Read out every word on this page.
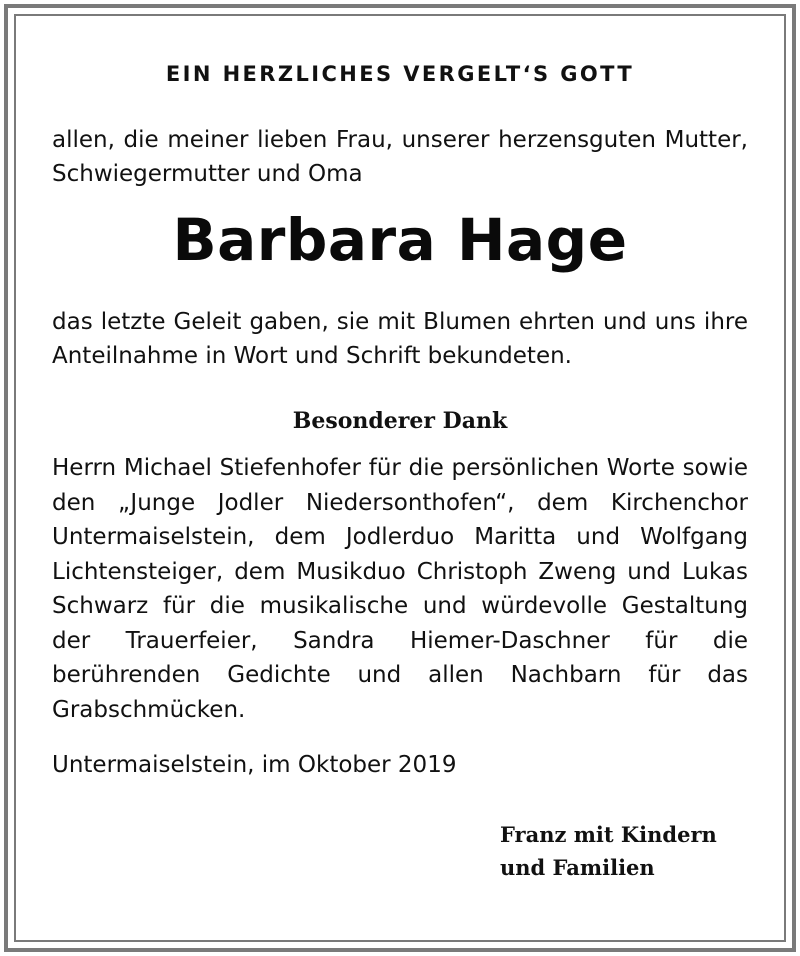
EIN HERZLICHES VERGELT‘S GOTT

allen, die meiner lieben Frau, unserer herzensguten Mutter, Schwiegermutter und Oma

Barbara Hage

das letzte Geleit gaben, sie mit Blumen ehrten und uns ihre Anteilnahme in Wort und Schrift bekundeten.

Besonderer Dank

Herrn Michael Stiefenhofer für die persönlichen Worte sowie den „Junge Jodler Niedersonthofen“, dem Kirchenchor Untermaiselstein, dem Jodlerduo Maritta und Wolfgang Lichtensteiger, dem Musikduo Christoph Zweng und Lukas Schwarz für die musikalische und würdevolle Gestaltung der Trauerfeier, Sandra Hiemer-Daschner für die berührenden Gedichte und allen Nachbarn für das Grabschmücken.

Untermaiselstein, im Oktober 2019
Franz mit Kindern
und Familien
